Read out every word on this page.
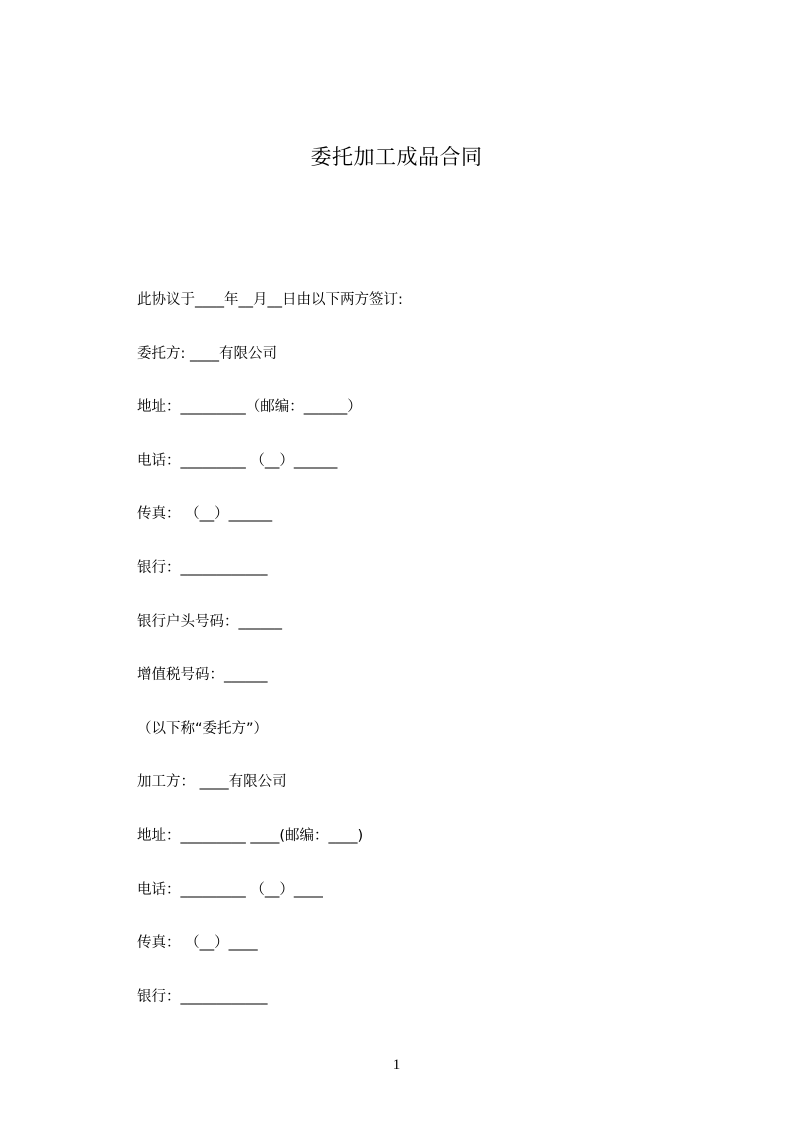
委托加工成品合同
此协议于____年__月__日由以下两方签订:
委托方: ____有限公司
地址：_________（邮编：______）
电话：_________ （__）______
传真： （__）______
银行：____________
银行户头号码：______
增值税号码：______
（以下称“委托方”）
加工方： ____有限公司
地址：_________ ____(邮编：____)
电话：_________ （__）____
传真： （__）____
银行：____________
1
